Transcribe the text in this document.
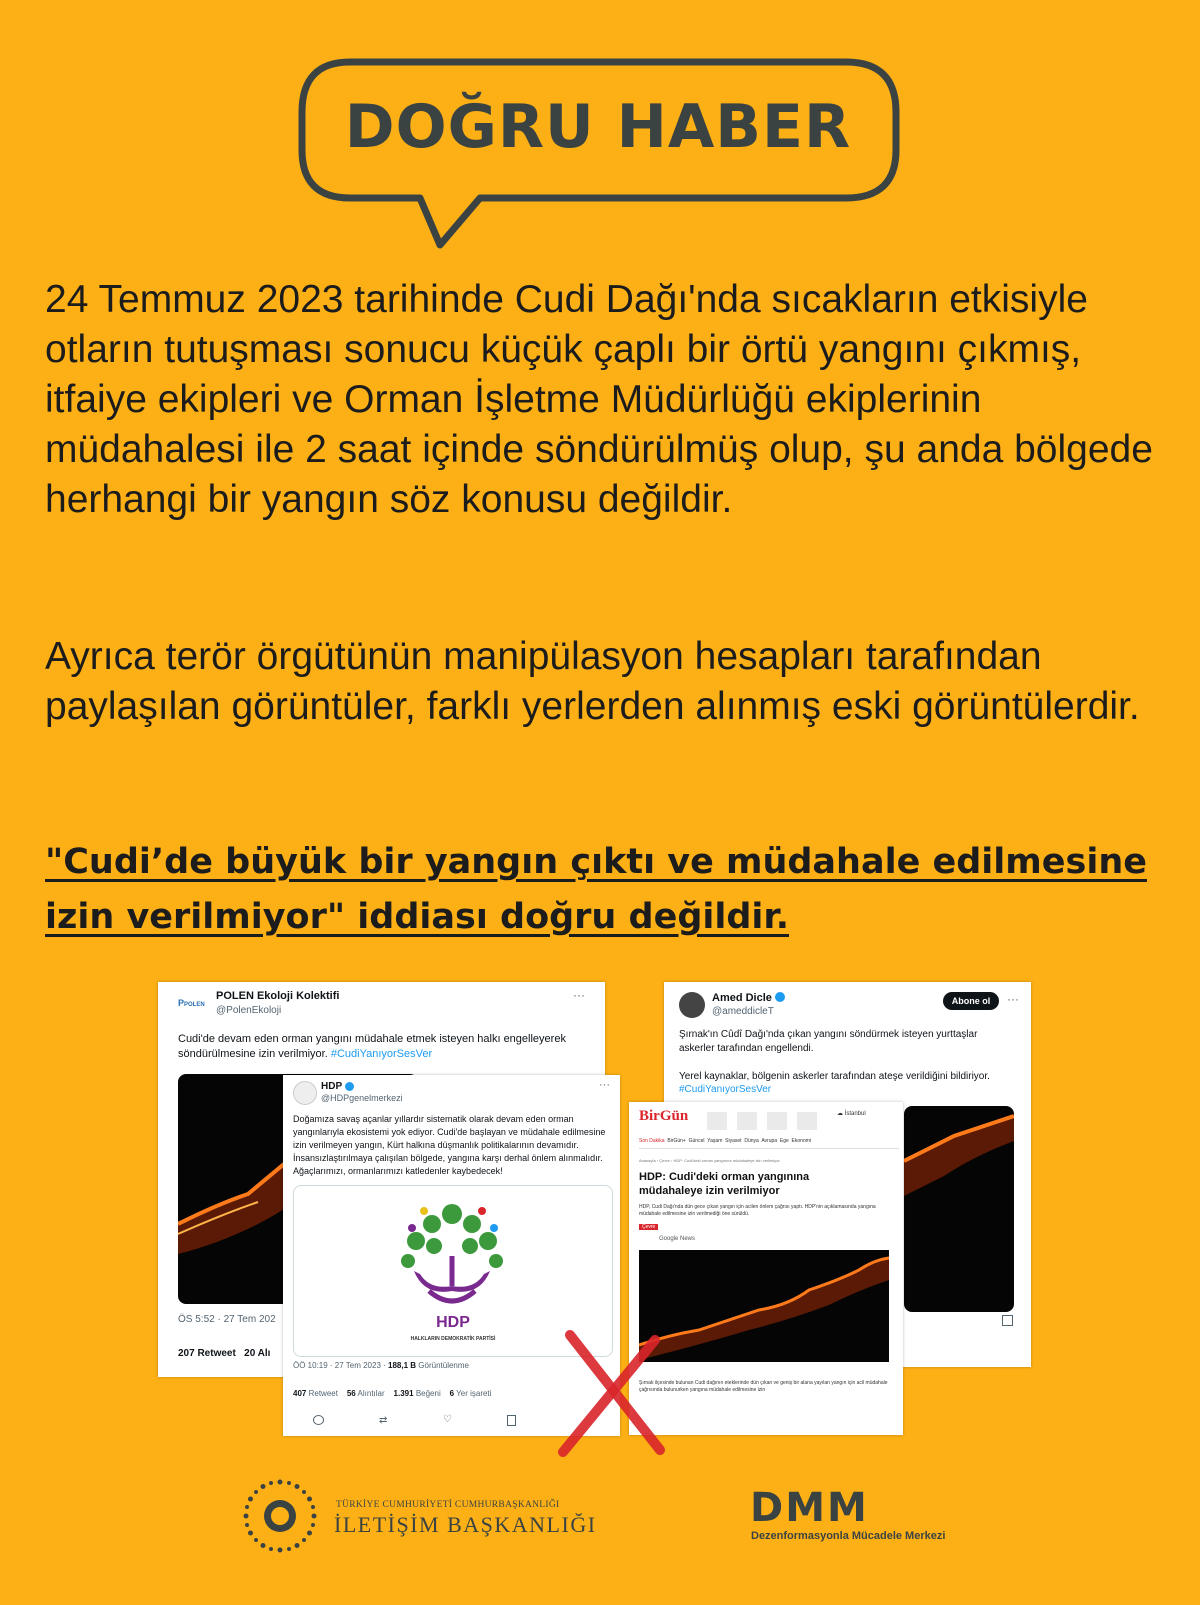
DOĞRU HABER
24 Temmuz 2023 tarihinde Cudi Dağı'nda sıcakların etkisiyle otların tutuşması sonucu küçük çaplı bir örtü yangını çıkmış, itfaiye ekipleri ve Orman İşletme Müdürlüğü ekiplerinin müdahalesi ile 2 saat içinde söndürülmüş olup, şu anda bölgede herhangi bir yangın söz konusu değildir.
Ayrıca terör örgütünün manipülasyon hesapları tarafından paylaşılan görüntüler, farklı yerlerden alınmış eski görüntülerdir.
"Cudi’de büyük bir yangın çıktı ve müdahale edilmesine izin verilmiyor" iddiası doğru değildir.
PPOLEN
POLEN Ekoloji Kolektifi
@PolenEkoloji
···
Cudi'de devam eden orman yangını müdahale etmek isteyen halkı engelleyerek söndürülmesine izin verilmiyor. #CudiYanıyorSesVer
ÖS 5:52 · 27 Tem 202
207 Retweet 20 Alı
Amed Dicle
@ameddicleT
Abone ol	···
Şırnak'ın Cûdî Dağı'nda çıkan yangını söndürmek isteyen yurttaşlar askerler tarafından engellendi.
Yerel kaynaklar, bölgenin askerler tarafından ateşe verildiğini bildiriyor.
#CudiYanıyorSesVer
HDP
@HDPgenelmerkezi
···
Doğamıza savaş açanlar yıllardır sistematik olarak devam eden orman yangınlarıyla ekosistemi yok ediyor. Cudi'de başlayan ve müdahale edilmesine izin verilmeyen yangın, Kürt halkına düşmanlık politikalarının devamıdır. İnsansızlaştırılmaya çalışılan bölgede, yangına karşı derhal önlem alınmalıdır. Ağaçlarımızı, ormanlarımızı katledenler kaybedecek!
HDP
HALKLARIN DEMOKRATİK PARTİSİ
ÖÖ 10:19 · 27 Tem 2023 · 188,1 B Görüntülenme
407 Retweet 56 Alıntılar 1.391 Beğeni 6 Yer işareti
⇄	♡
BirGün	☁ İstanbul
Son Dakika BirGün+ Güncel Yaşam Siyaset Dünya Avrupa Ege Ekonomi
Anasayfa › Çevre › HDP: Cudi'deki orman yangınına müdahaleye izin verilmiyor
HDP: Cudi'deki orman yangınına müdahaleye izin verilmiyor
HDP, Cudi Dağı'nda dün gece çıkan yangın için acilen önlem çağrısı yaptı. HDP'nin açıklamasında yangına müdahale edilmesine izin verilmediği öne sürüldü.
Çevre
Google News
Şırnak ilçesinde bulunan Cudi dağının eteklerinde dün çıkan ve geniş bir alana yayılan yangın için acil müdahale çağrısında bulunurken yangına müdahale edilmesine izin
TÜRKİYE CUMHURİYETİ CUMHURBAŞKANLIĞI
İLETİŞİM BAŞKANLIĞI	DMM
Dezenformasyonla Mücadele Merkezi
